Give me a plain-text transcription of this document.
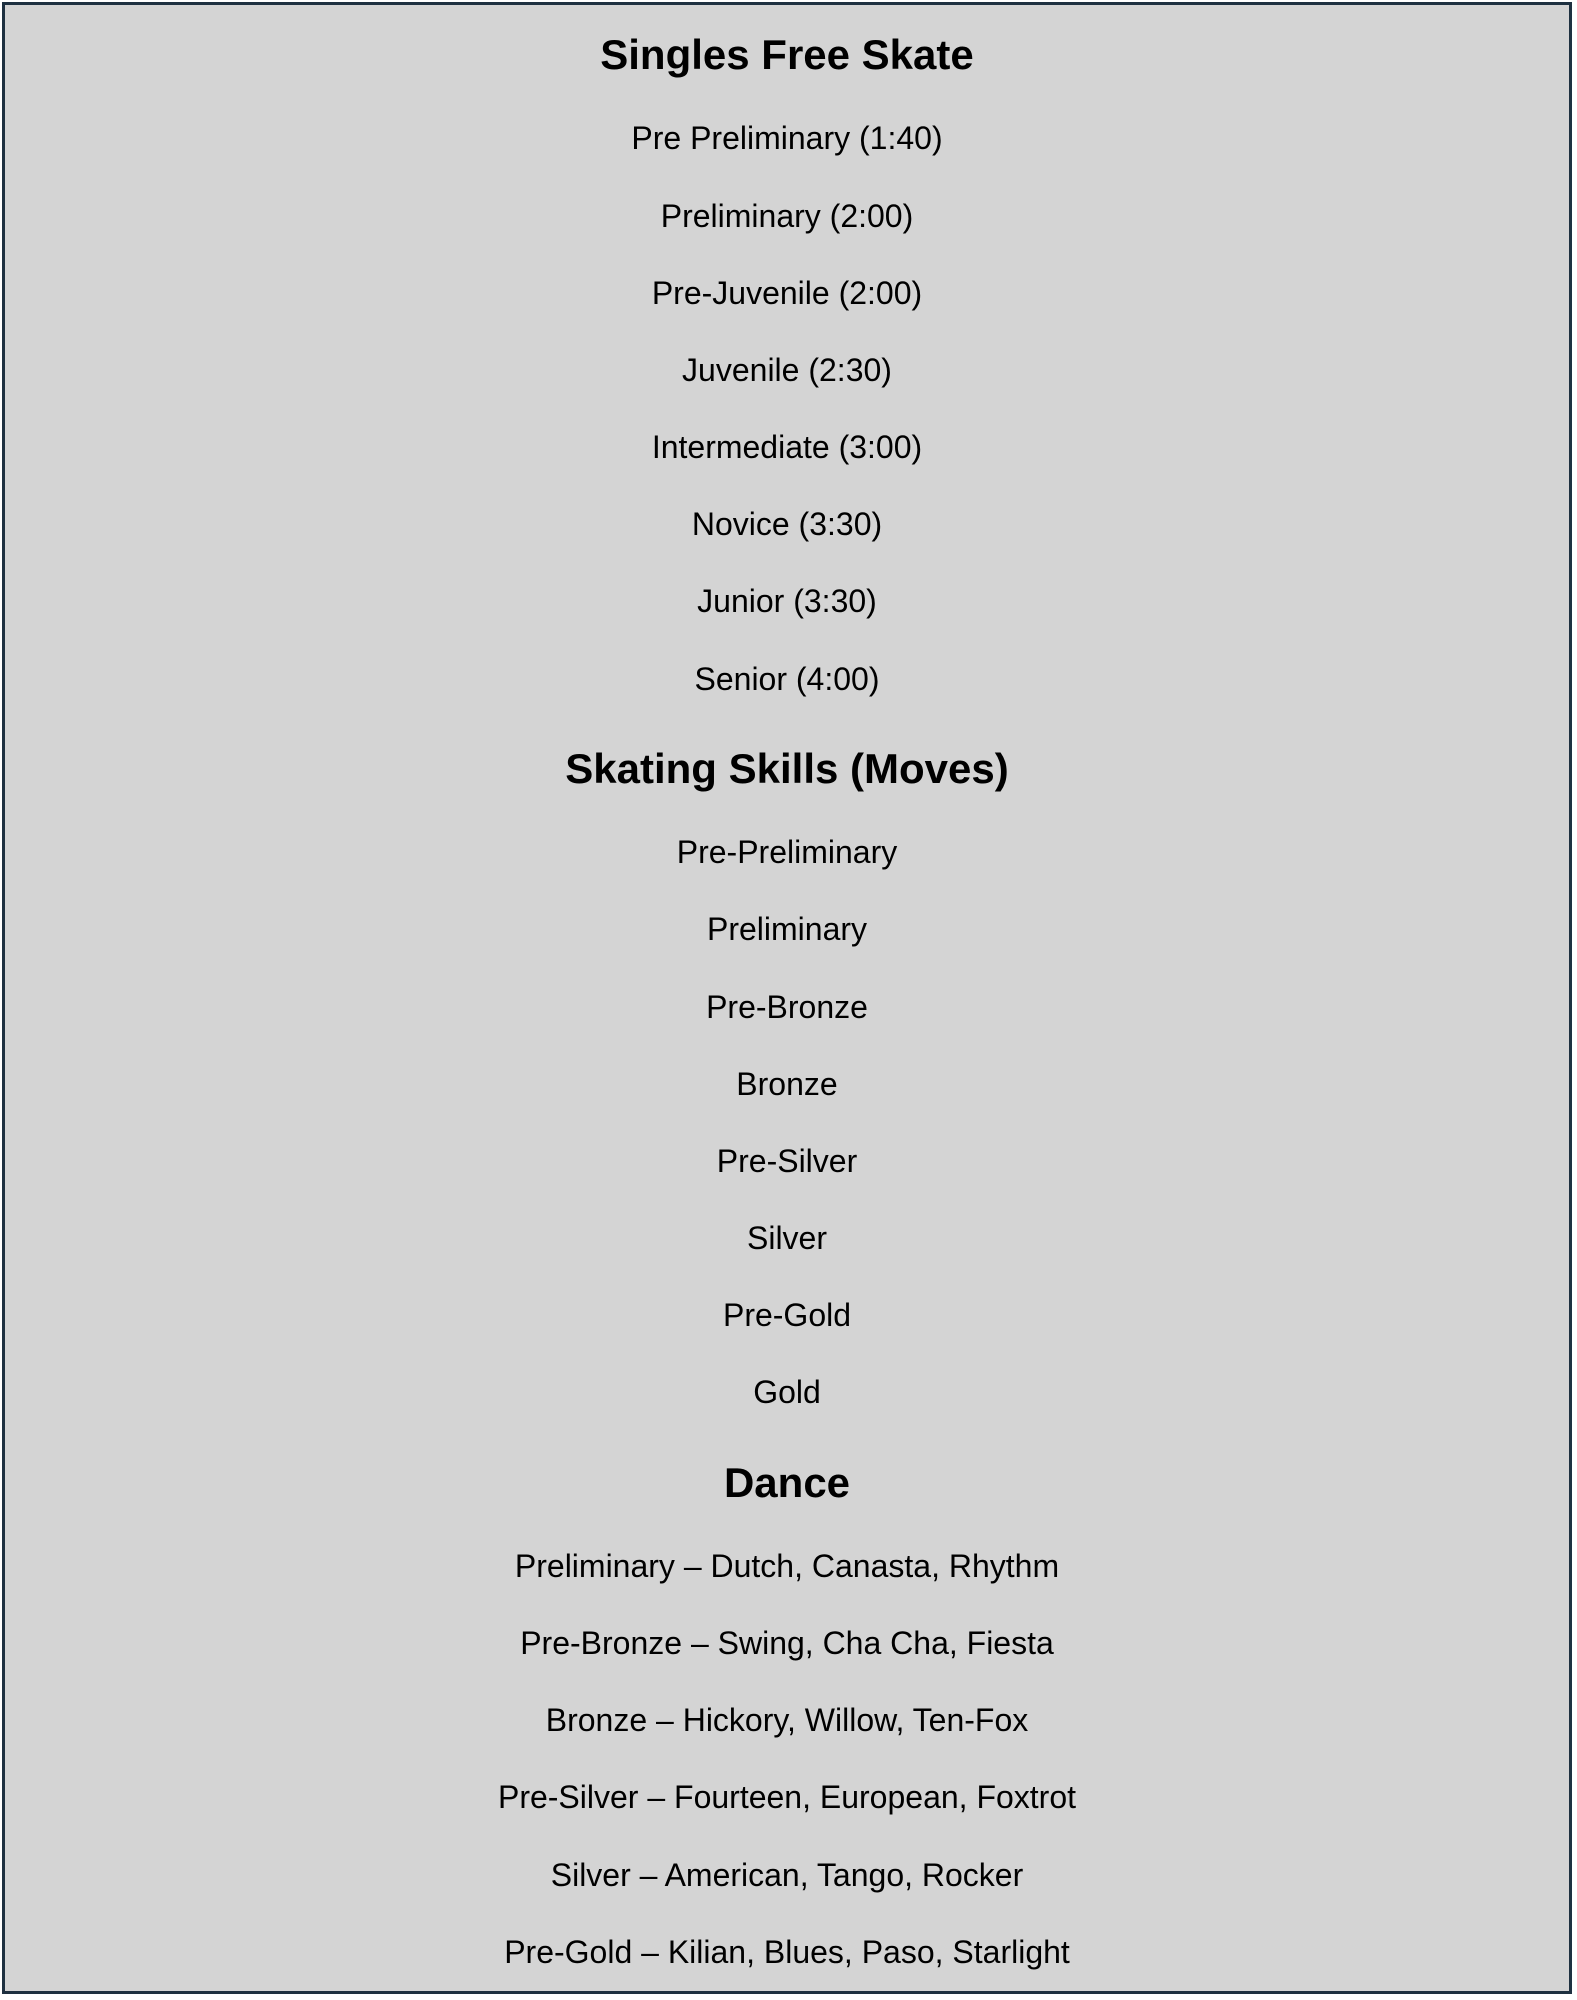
Singles Free Skate

Pre Preliminary (1:40)

Preliminary (2:00)

Pre-Juvenile (2:00)

Juvenile (2:30)

Intermediate (3:00)

Novice (3:30)

Junior (3:30)

Senior (4:00)

Skating Skills (Moves)

Pre-Preliminary

Preliminary

Pre-Bronze

Bronze

Pre-Silver

Silver

Pre-Gold

Gold

Dance

Preliminary – Dutch, Canasta, Rhythm

Pre-Bronze – Swing, Cha Cha, Fiesta

Bronze – Hickory, Willow, Ten-Fox

Pre-Silver – Fourteen, European, Foxtrot

Silver – American, Tango, Rocker

Pre-Gold – Kilian, Blues, Paso, Starlight
